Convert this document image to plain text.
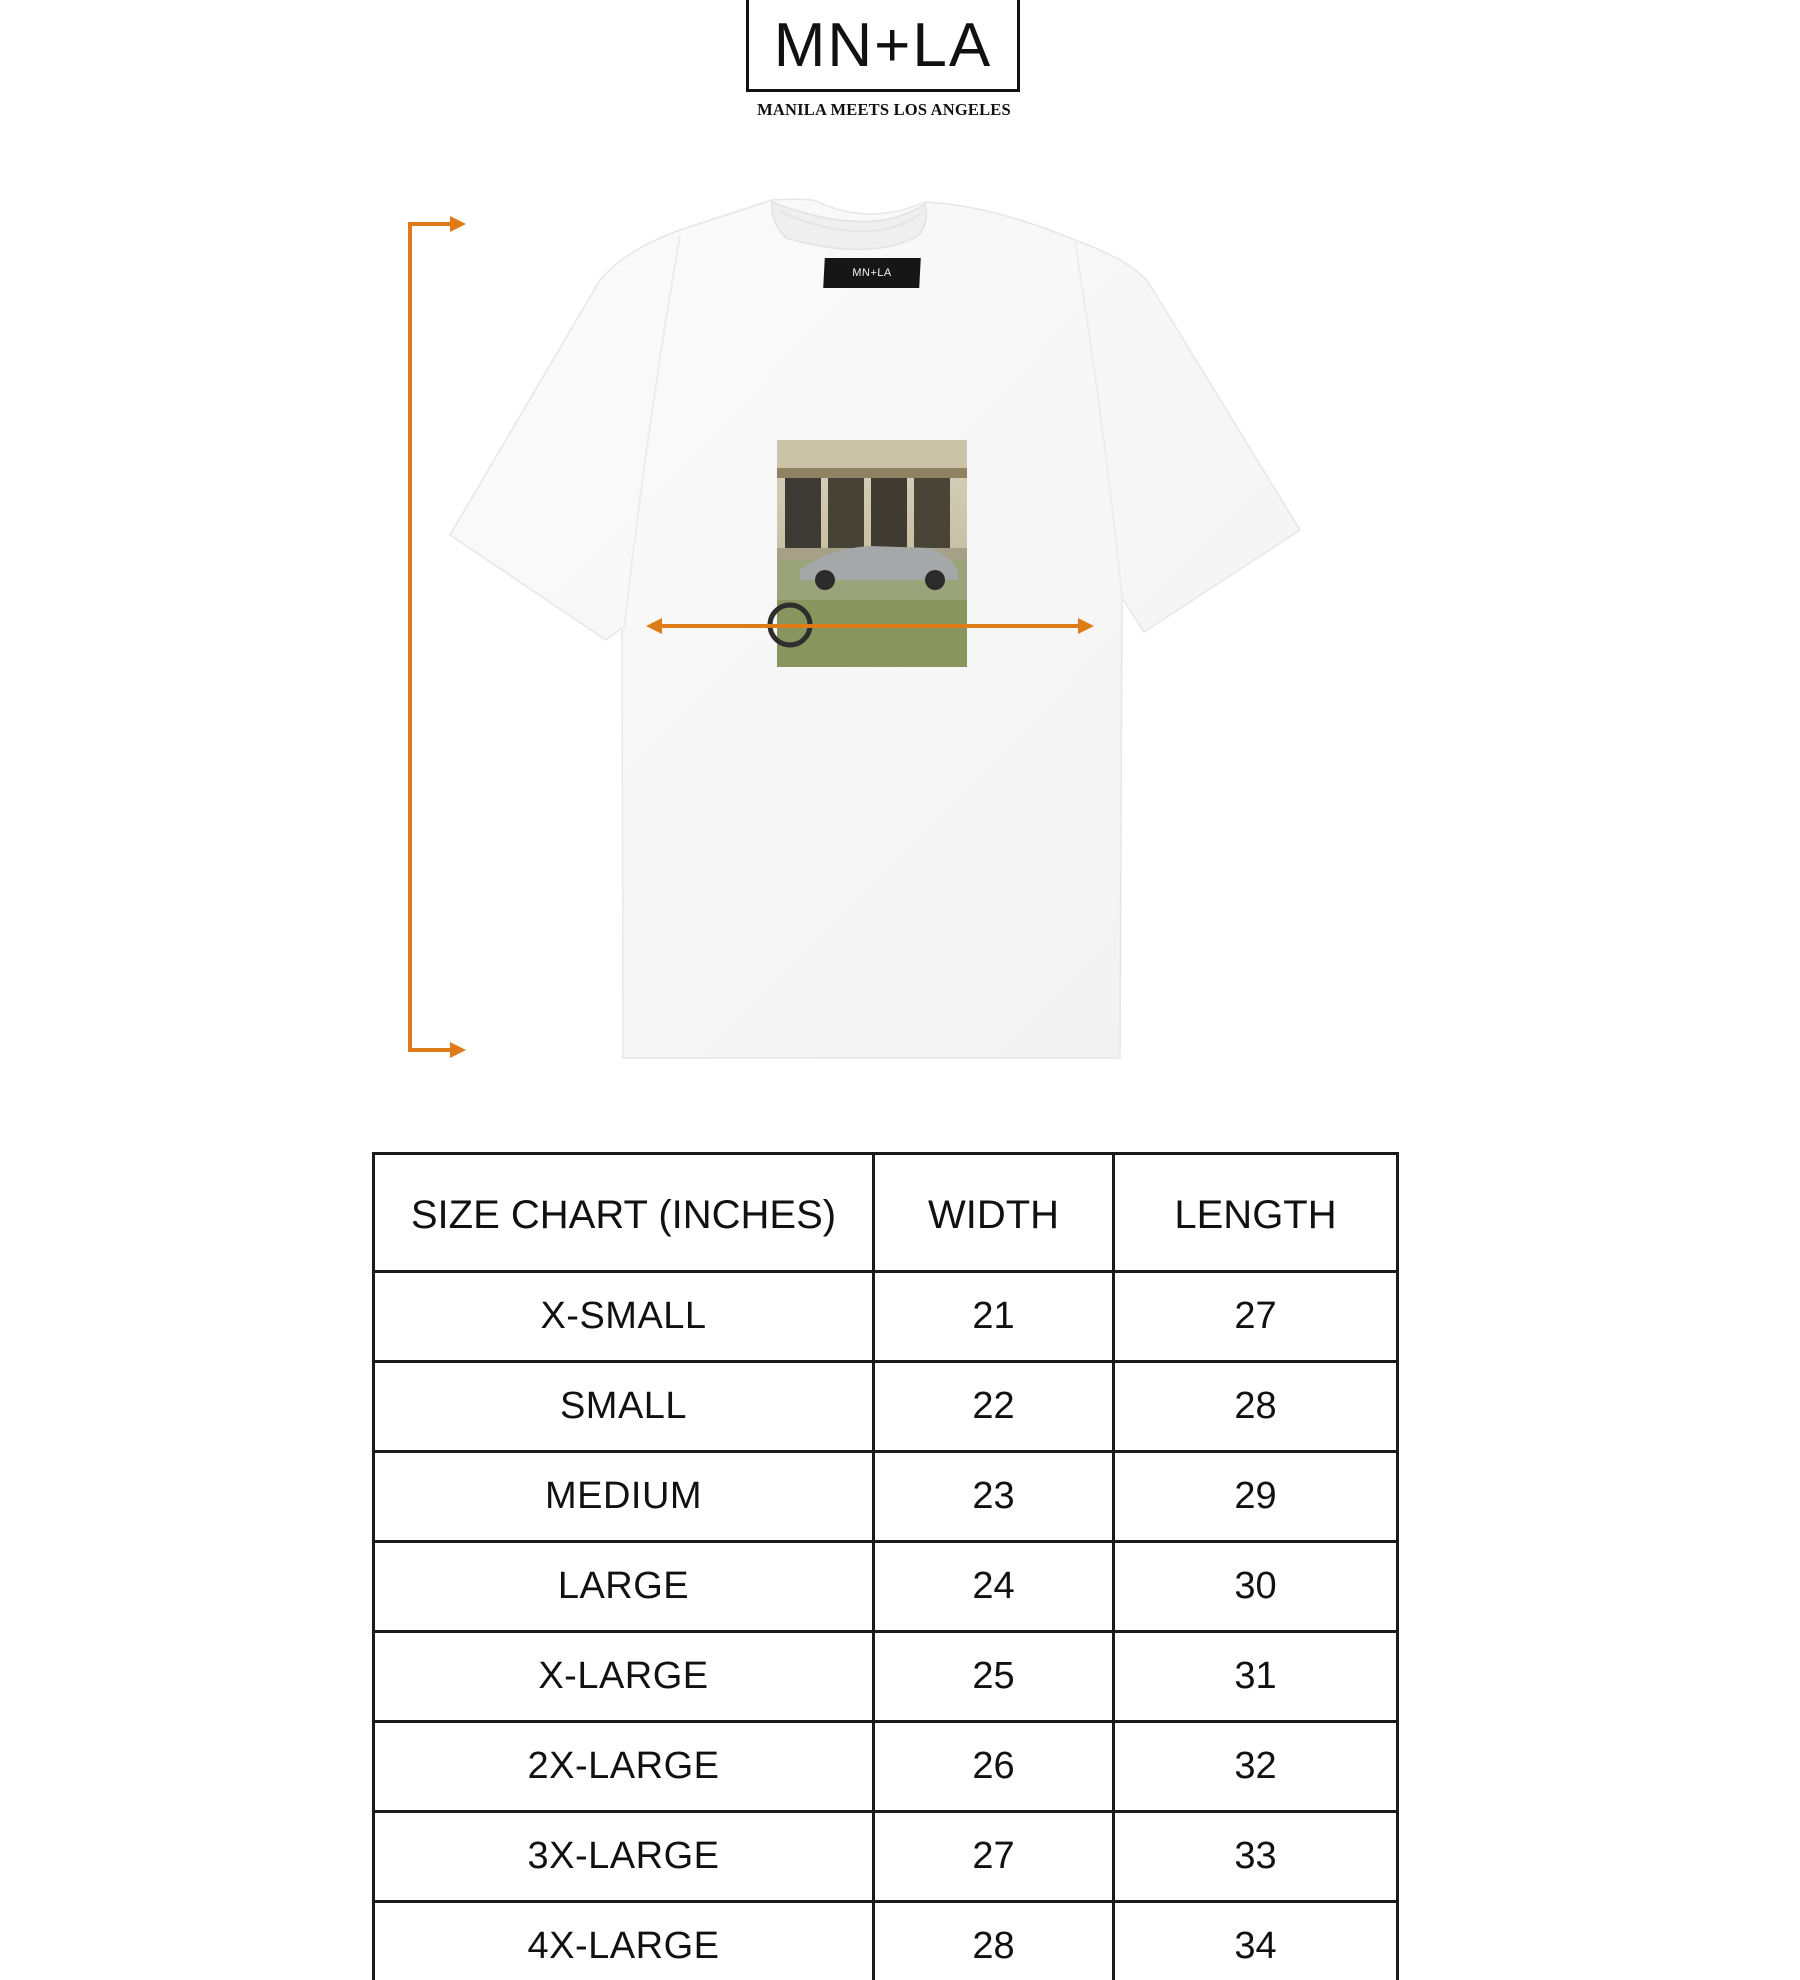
MN+LA
MANILA MEETS LOS ANGELES
MN+LA
SIZE CHART (INCHES)	WIDTH	LENGTH
X-SMALL	21	27
SMALL	22	28
MEDIUM	23	29
LARGE	24	30
X-LARGE	25	31
2X-LARGE	26	32
3X-LARGE	27	33
4X-LARGE	28	34
